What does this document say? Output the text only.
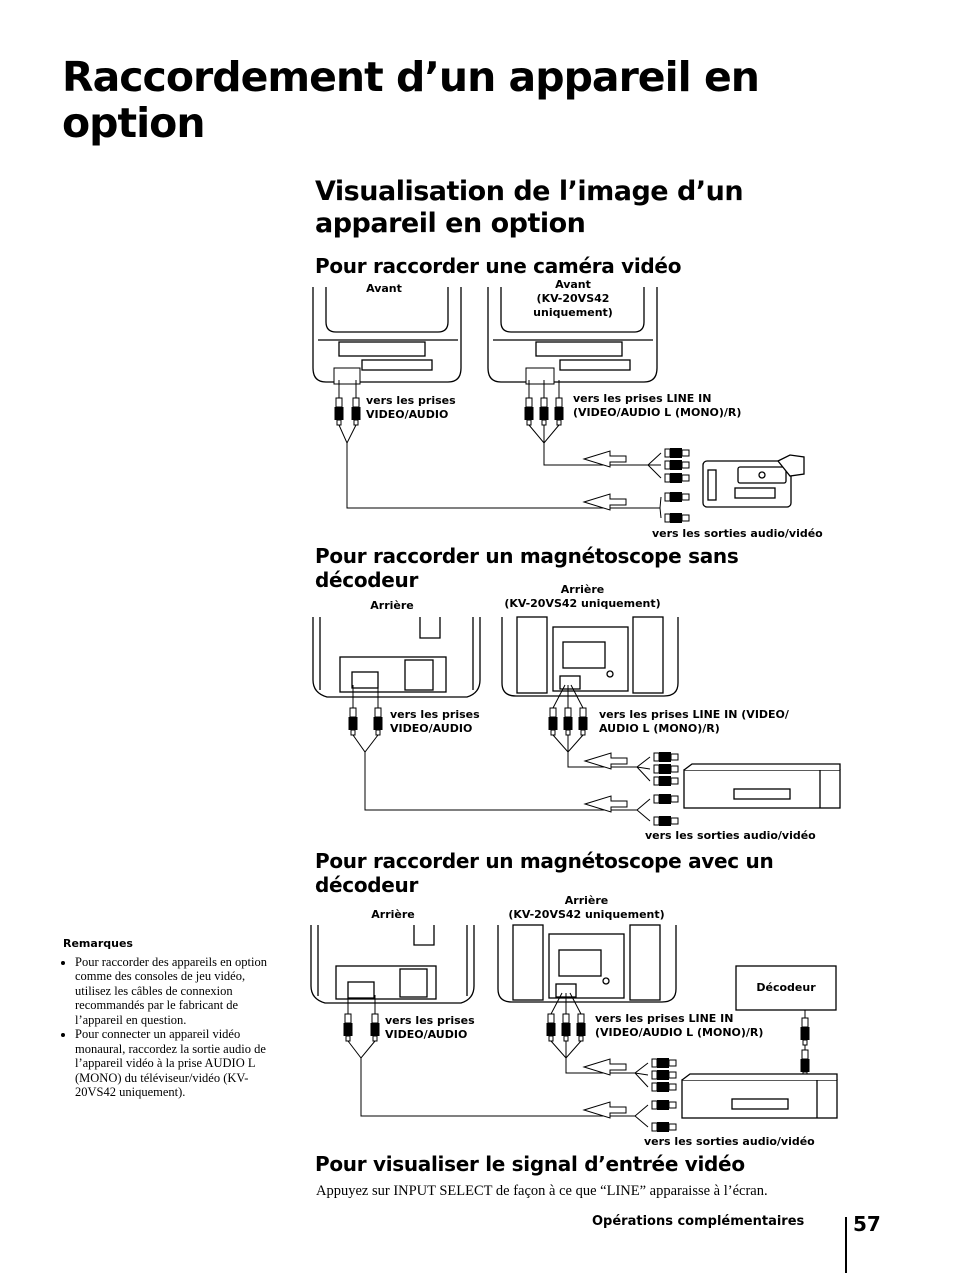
Raccordement d’un appareil en option
Visualisation de l’image d’un appareil en option
Pour raccorder une caméra vidéo
Pour raccorder un magnétoscope sans décodeur
Pour raccorder un magnétoscope avec un décodeur
Pour visualiser le signal d’entrée vidéo
Avant	Avant
(KV-20VS42
uniquement)
vers les prises
VIDEO/AUDIO
vers les prises LINE IN
(VIDEO/AUDIO L (MONO)/R)
vers les sorties audio/vidéo
Arrière
Arrière
(KV-20VS42 uniquement)
vers les prises
VIDEO/AUDIO
vers les prises LINE IN (VIDEO/
AUDIO L (MONO)/R)
vers les sorties audio/vidéo
Arrière
Arrière
(KV-20VS42 uniquement)
vers les prises
VIDEO/AUDIO
vers les prises LINE IN
(VIDEO/AUDIO L (MONO)/R)
Décodeur
vers les sorties audio/vidéo
Remarques
• Pour raccorder des appareils en option comme des consoles de jeu vidéo, utilisez les câbles de connexion recommandés par le fabricant de l’appareil en question.
• Pour connecter un appareil vidéo monaural, raccordez la sortie audio de l’appareil vidéo à la prise AUDIO L (MONO) du téléviseur/vidéo (KV-20VS42 uniquement).
Appuyez sur INPUT SELECT de façon à ce que “LINE” apparaisse à l’écran.
Opérations complémentaires 57
